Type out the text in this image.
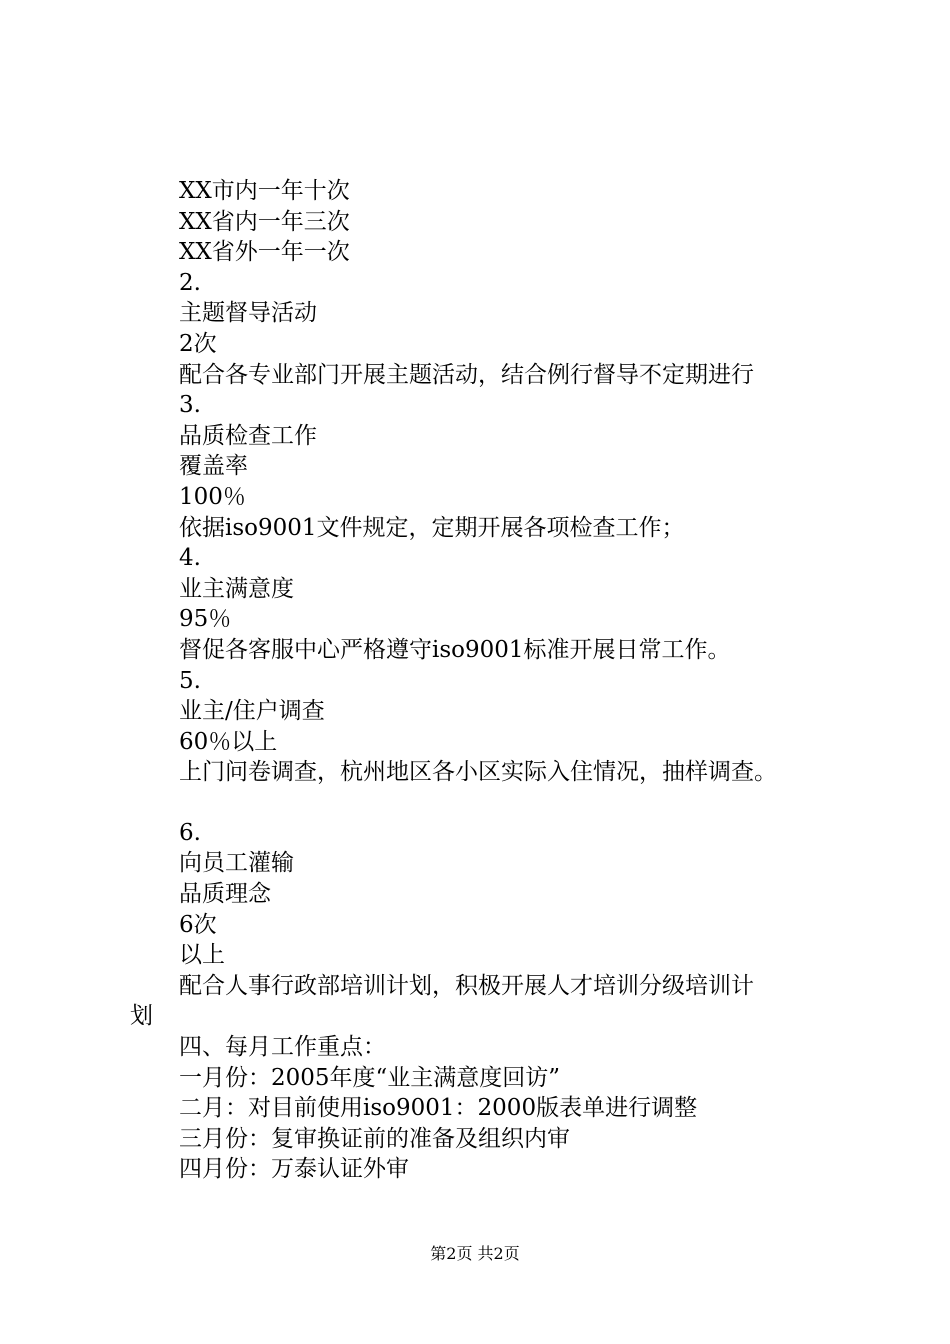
XX市内一年十次
XX省内一年三次
XX省外一年一次
2.
主题督导活动
2次
配合各专业部门开展主题活动，结合例行督导不定期进行
3.
品质检查工作
覆盖率
100％
依据iso9001文件规定，定期开展各项检查工作；
4.
业主满意度
95％
督促各客服中心严格遵守iso9001标准开展日常工作。
5.
业主/住户调查
60％以上
上门问卷调查，杭州地区各小区实际入住情况，抽样调查。
6.
向员工灌输
品质理念
6次
以上
配合人事行政部培训计划，积极开展人才培训分级培训计
划
四、每月工作重点：
一月份：2005年度“业主满意度回访”
二月：对目前使用iso9001：2000版表单进行调整
三月份：复审换证前的准备及组织内审
四月份：万泰认证外审
第2页 共2页
